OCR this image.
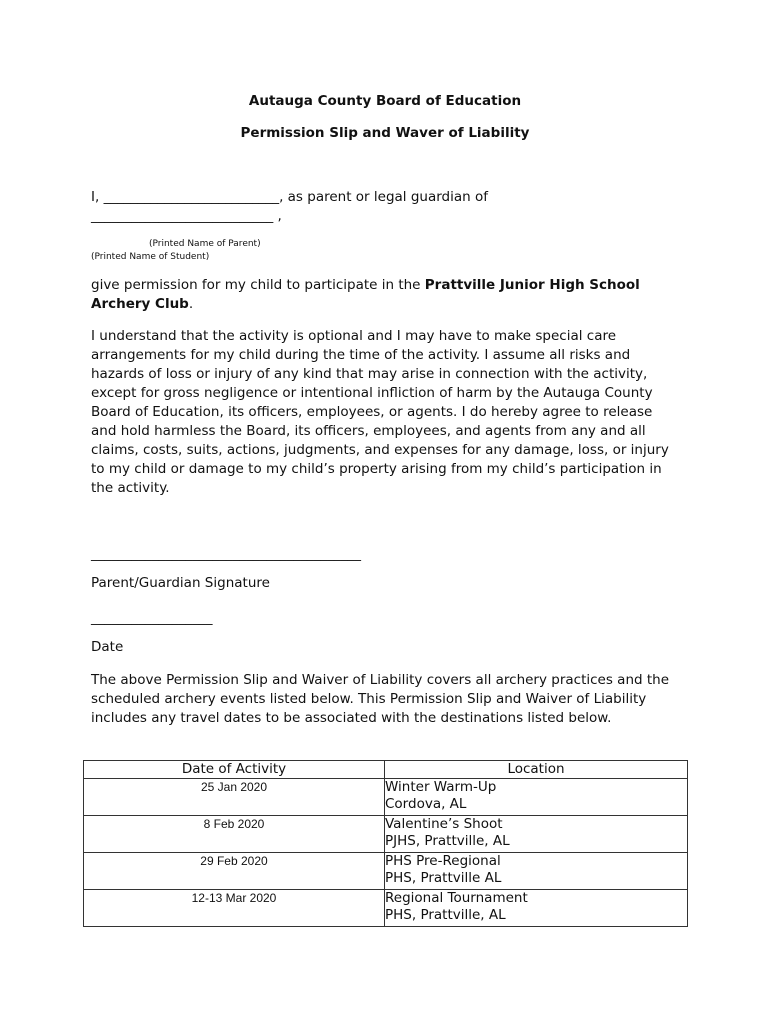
Autauga County Board of Education
Permission Slip and Waver of Liability
I, __________________________, as parent or legal guardian of
___________________________ ,
(Printed Name of Parent)
(Printed Name of Student)
give permission for my child to participate in the Prattville Junior High School Archery Club.
I understand that the activity is optional and I may have to make special care arrangements for my child during the time of the activity. I assume all risks and hazards of loss or injury of any kind that may arise in connection with the activity, except for gross negligence or intentional infliction of harm by the Autauga County Board of Education, its officers, employees, or agents. I do hereby agree to release and hold harmless the Board, its officers, employees, and agents from any and all claims, costs, suits, actions, judgments, and expenses for any damage, loss, or injury to my child or damage to my child’s property arising from my child’s participation in the activity.
________________________________________
Parent/Guardian Signature
__________________
Date
The above Permission Slip and Waiver of Liability covers all archery practices and the scheduled archery events listed below. This Permission Slip and Waiver of Liability includes any travel dates to be associated with the destinations listed below.
Date of Activity	Location
25 Jan 2020	Winter Warm-Up
Cordova, AL

8 Feb 2020	Valentine’s Shoot
PJHS, Prattville, AL

29 Feb 2020	PHS Pre-Regional
PHS, Prattville AL

12-13 Mar 2020	Regional Tournament
PHS, Prattville, AL
